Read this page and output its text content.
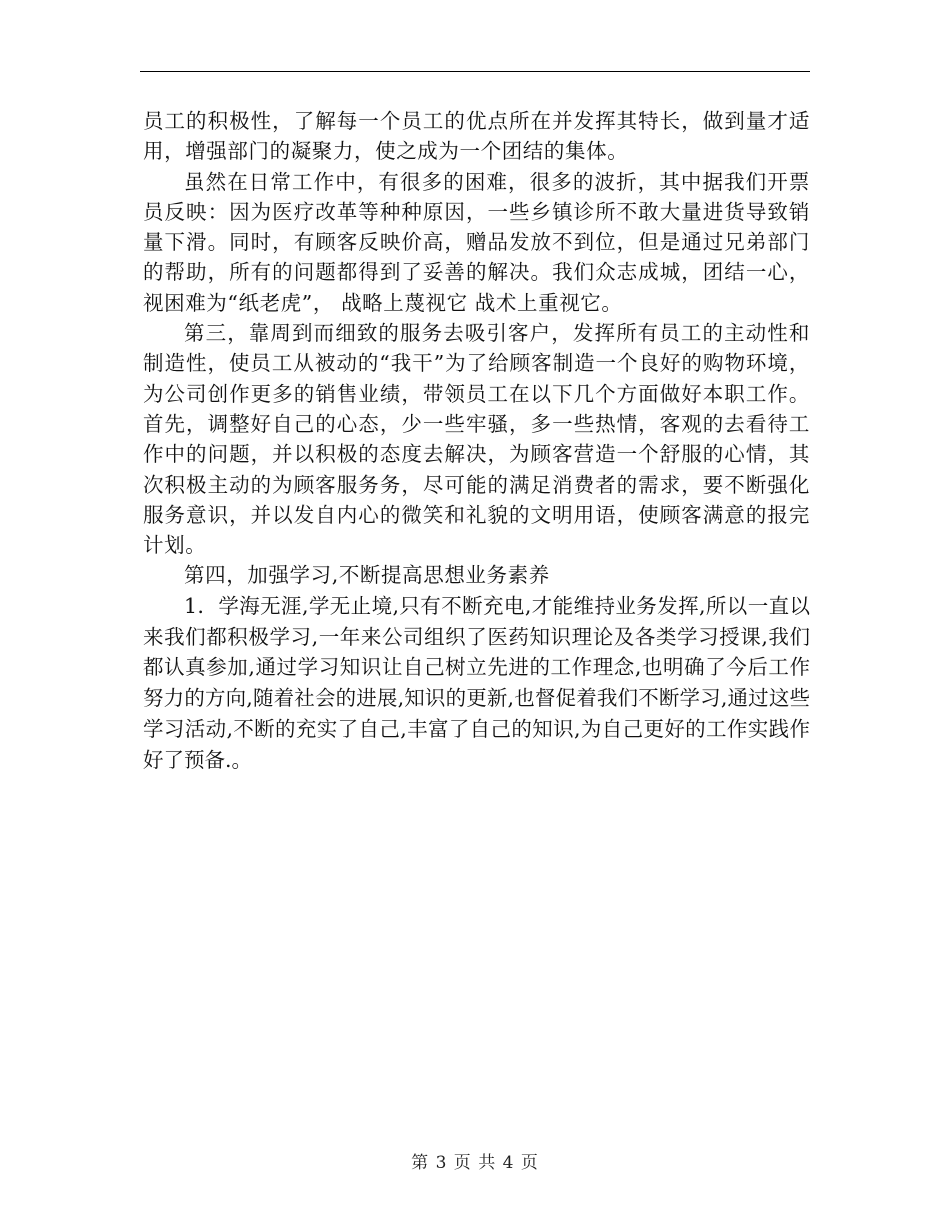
员工的积极性，了解每一个员工的优点所在并发挥其特长，做到量才适用，增强部门的凝聚力，使之成为一个团结的集体。

虽然在日常工作中，有很多的困难，很多的波折，其中据我们开票员反映：因为医疗改革等种种原因，一些乡镇诊所不敢大量进货导致销量下滑。同时，有顾客反映价高，赠品发放不到位，但是通过兄弟部门的帮助，所有的问题都得到了妥善的解决。我们众志成城，团结一心，视困难为“纸老虎”， 战略上蔑视它 战术上重视它。

第三，靠周到而细致的服务去吸引客户，发挥所有员工的主动性和制造性，使员工从被动的“我干”为了给顾客制造一个良好的购物环境，为公司创作更多的销售业绩，带领员工在以下几个方面做好本职工作。首先，调整好自己的心态，少一些牢骚，多一些热情，客观的去看待工作中的问题，并以积极的态度去解决，为顾客营造一个舒服的心情，其次积极主动的为顾客服务务，尽可能的满足消费者的需求，要不断强化服务意识，并以发自内心的微笑和礼貌的文明用语，使顾客满意的报完计划。

第四，加强学习,不断提高思想业务素养

1．学海无涯,学无止境,只有不断充电,才能维持业务发挥,所以一直以来我们都积极学习,一年来公司组织了医药知识理论及各类学习授课,我们都认真参加,通过学习知识让自己树立先进的工作理念,也明确了今后工作努力的方向,随着社会的进展,知识的更新,也督促着我们不断学习,通过这些学习活动,不断的充实了自己,丰富了自己的知识,为自己更好的工作实践作好了预备.。

第 3 页 共 4 页
